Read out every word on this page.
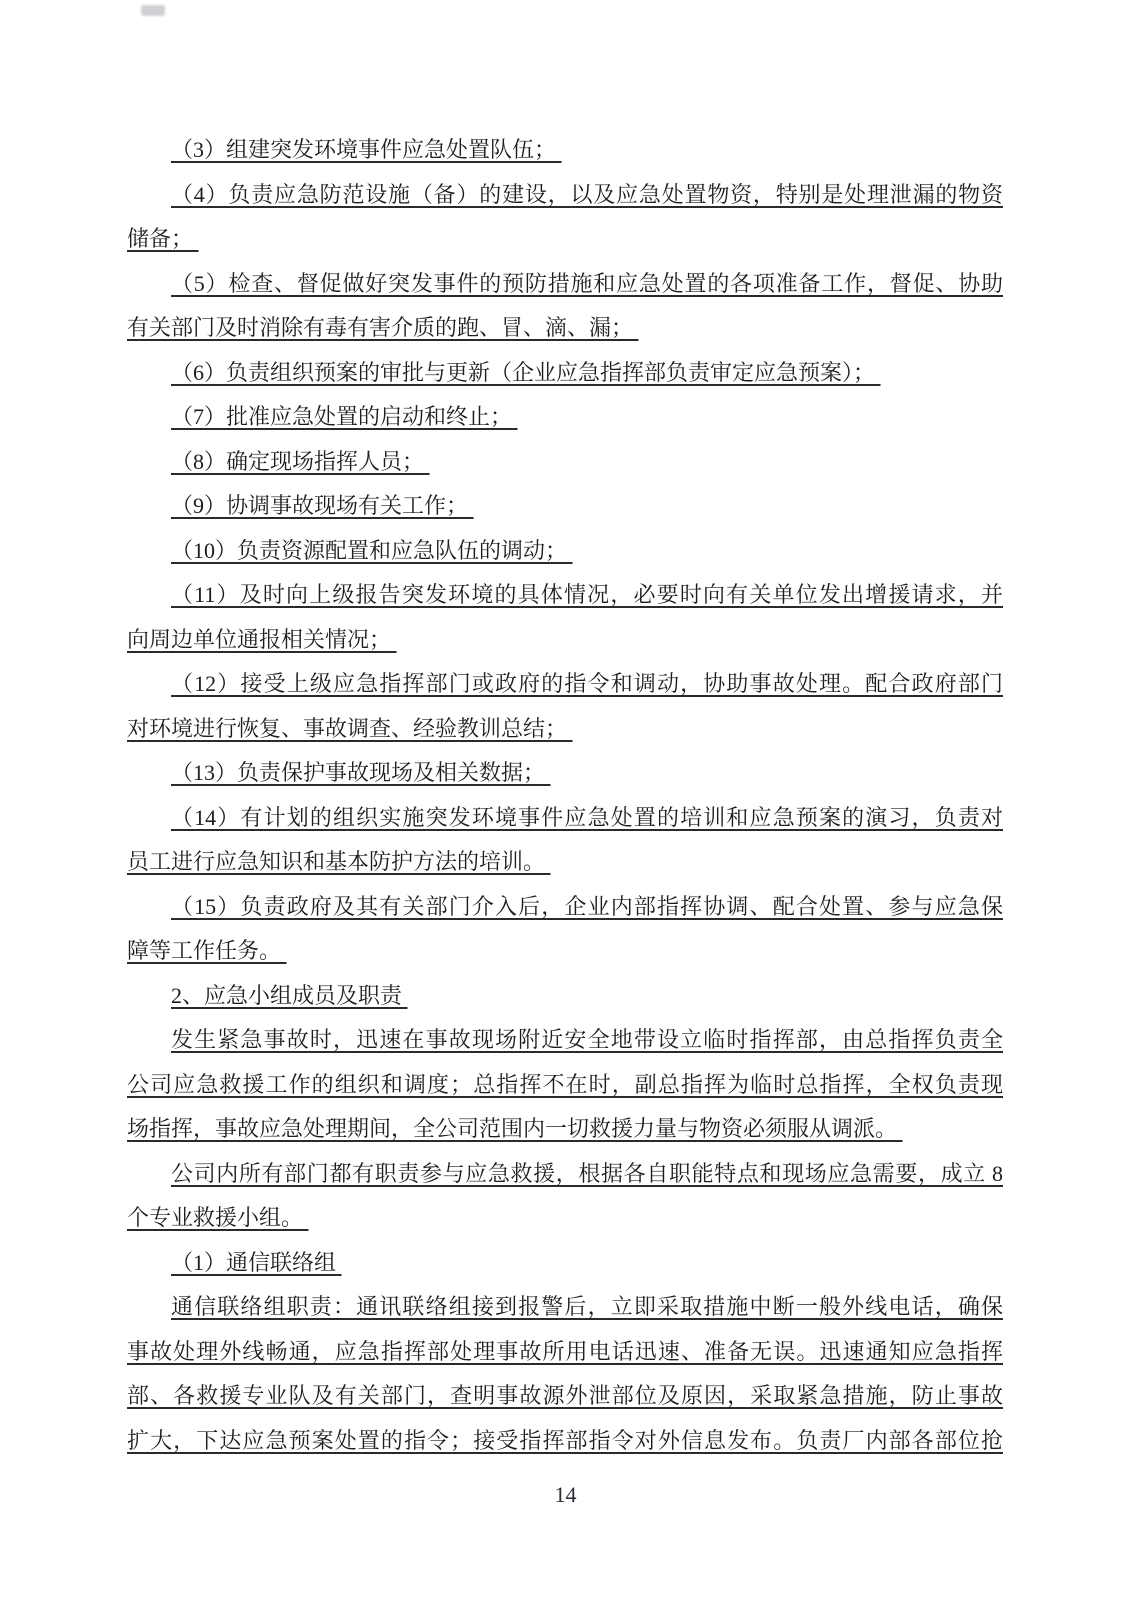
（3）组建突发环境事件应急处置队伍；
（4）负责应急防范设施（备）的建设，以及应急处置物资，特别是处理泄漏的物资
储备；
（5）检查、督促做好突发事件的预防措施和应急处置的各项准备工作，督促、协助
有关部门及时消除有毒有害介质的跑、冒、滴、漏；
（6）负责组织预案的审批与更新（企业应急指挥部负责审定应急预案）；
（7）批准应急处置的启动和终止；
（8）确定现场指挥人员；
（9）协调事故现场有关工作；
（10）负责资源配置和应急队伍的调动；
（11）及时向上级报告突发环境的具体情况，必要时向有关单位发出增援请求，并
向周边单位通报相关情况；
（12）接受上级应急指挥部门或政府的指令和调动，协助事故处理。配合政府部门
对环境进行恢复、事故调查、经验教训总结；
（13）负责保护事故现场及相关数据；
（14）有计划的组织实施突发环境事件应急处置的培训和应急预案的演习，负责对
员工进行应急知识和基本防护方法的培训。
（15）负责政府及其有关部门介入后，企业内部指挥协调、配合处置、参与应急保
障等工作任务。
2、应急小组成员及职责
发生紧急事故时，迅速在事故现场附近安全地带设立临时指挥部，由总指挥负责全
公司应急救援工作的组织和调度；总指挥不在时，副总指挥为临时总指挥，全权负责现
场指挥，事故应急处理期间，全公司范围内一切救援力量与物资必须服从调派。
公司内所有部门都有职责参与应急救援，根据各自职能特点和现场应急需要，成立 8
个专业救援小组。
（1）通信联络组
通信联络组职责：通讯联络组接到报警后，立即采取措施中断一般外线电话，确保
事故处理外线畅通，应急指挥部处理事故所用电话迅速、准备无误。迅速通知应急指挥
部、各救援专业队及有关部门，查明事故源外泄部位及原因，采取紧急措施，防止事故
扩大，下达应急预案处置的指令；接受指挥部指令对外信息发布。负责厂内部各部位抢
14
